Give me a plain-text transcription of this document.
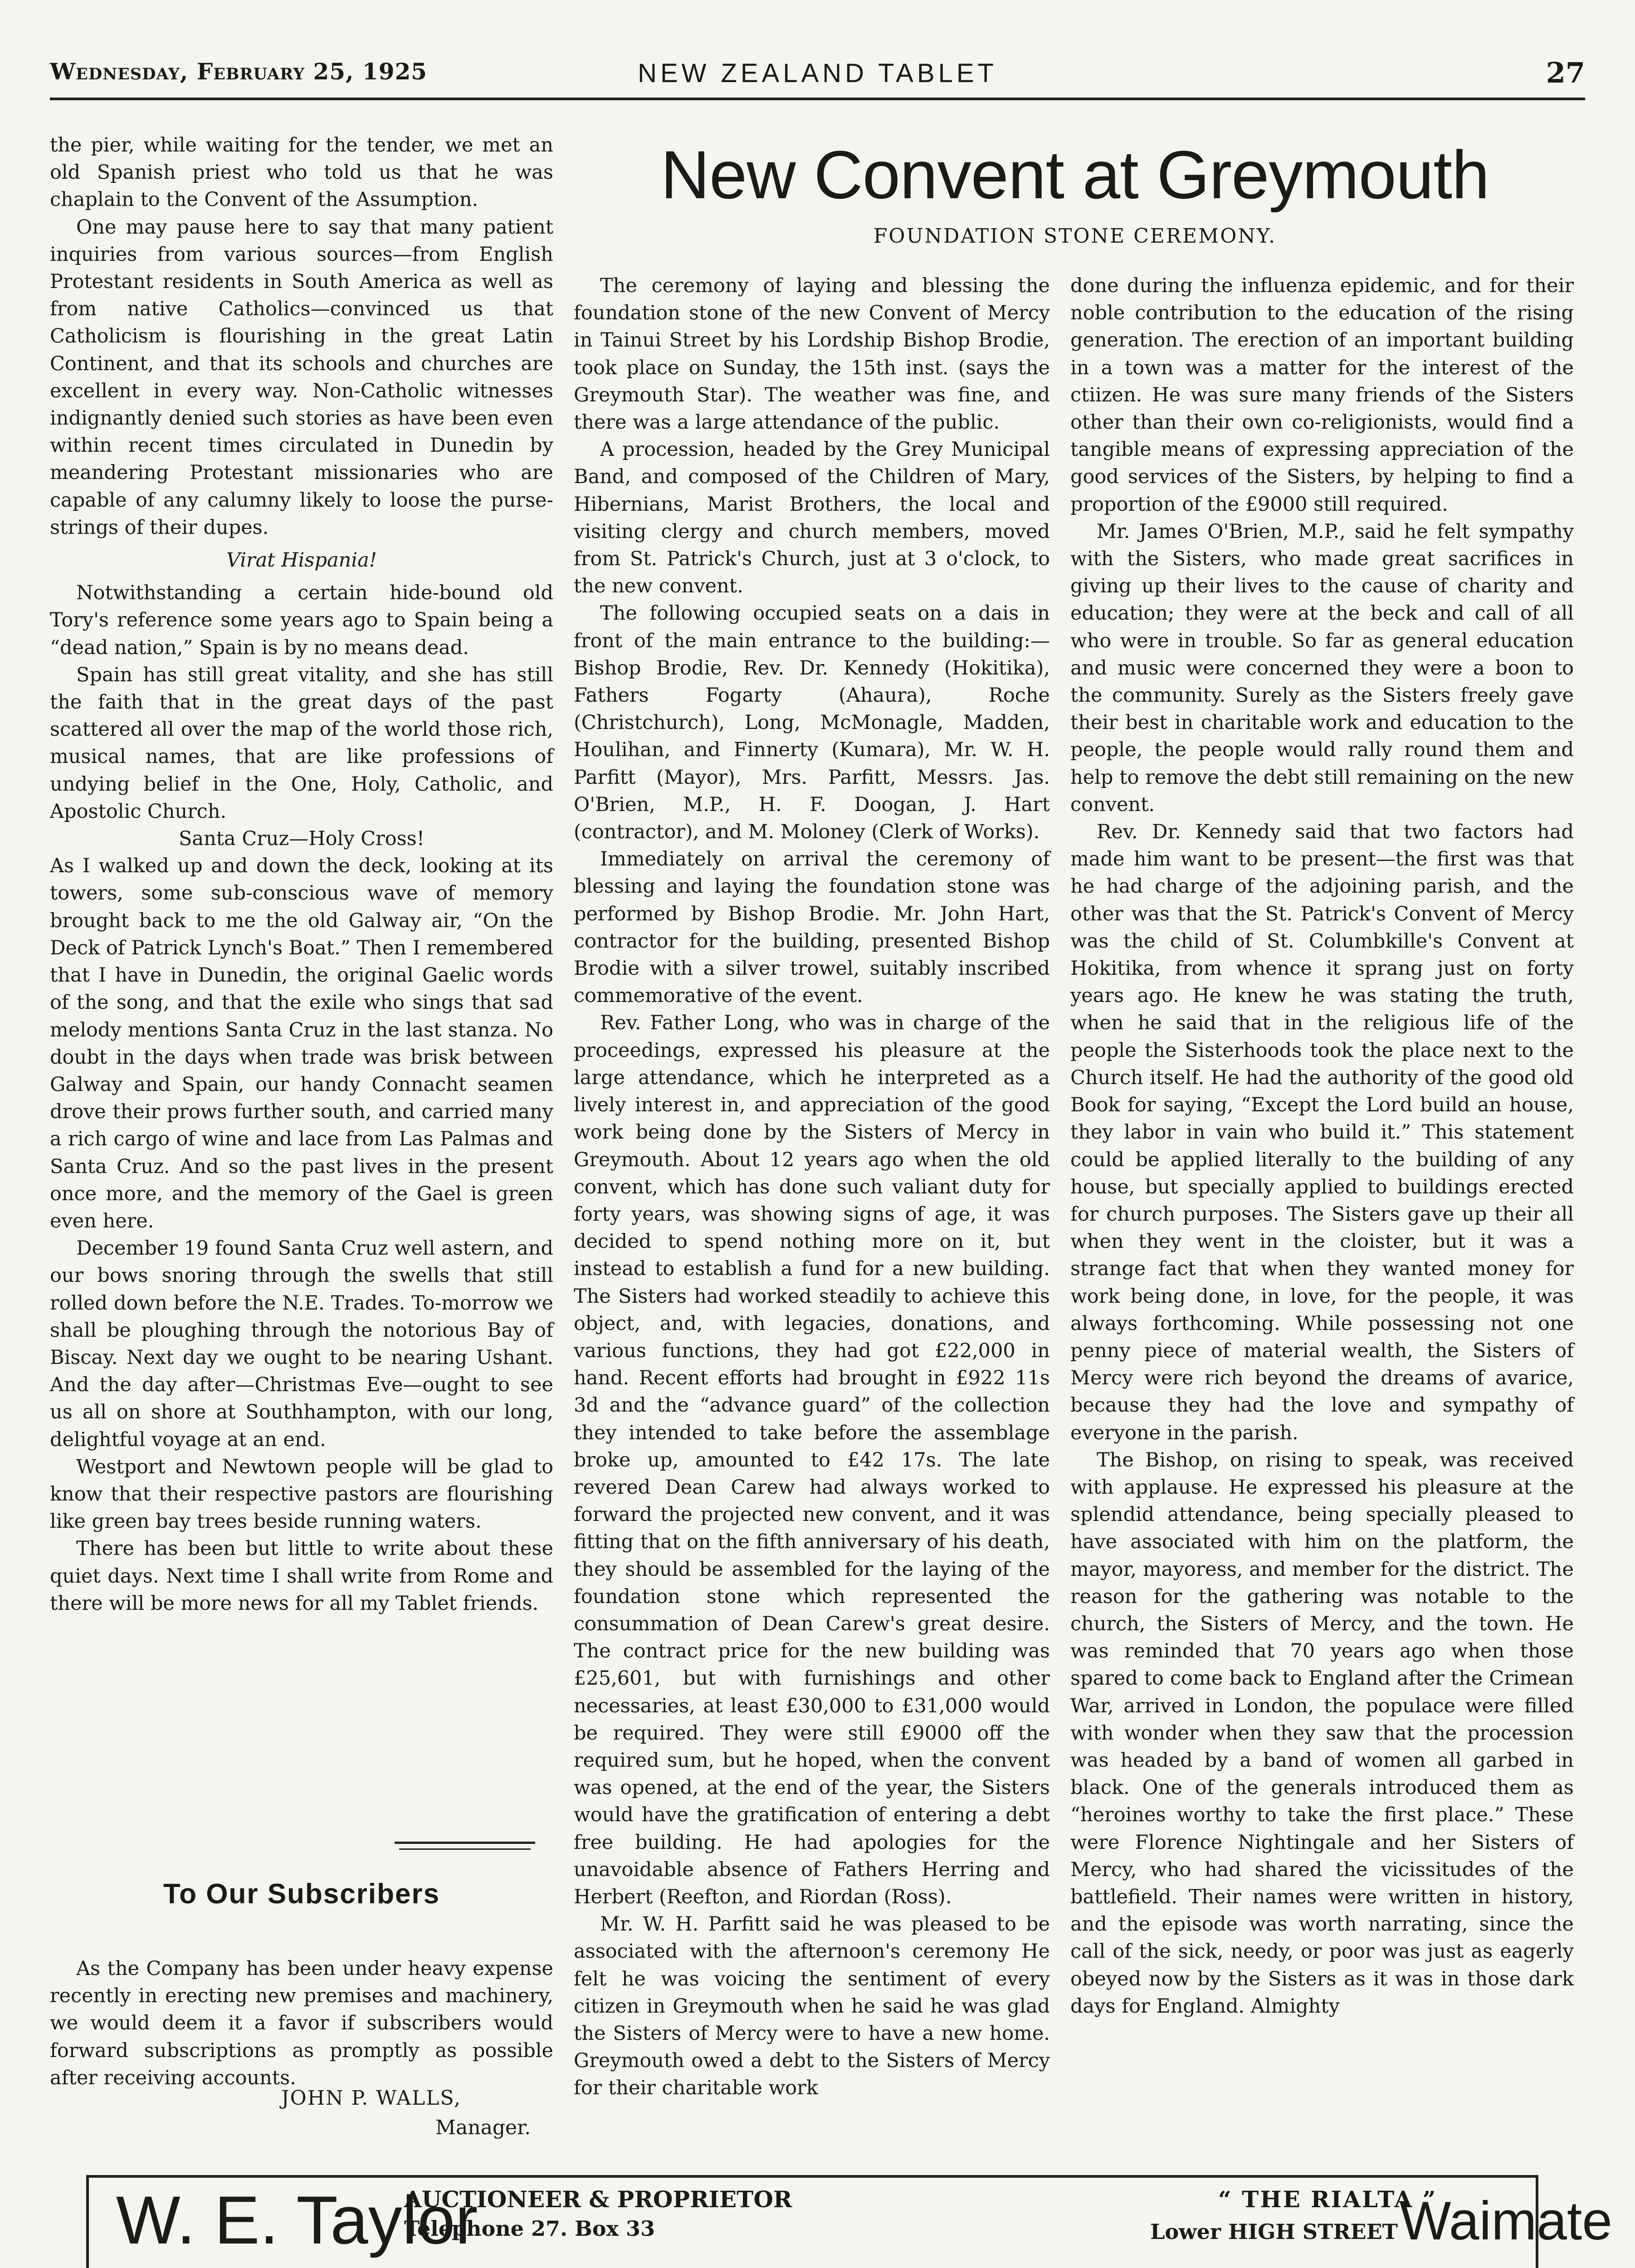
Wednesday, February 25, 1925	NEW ZEALAND TABLET	27

the pier, while waiting for the tender, we met an old Spanish priest who told us that he was chaplain to the Convent of the Assumption.

One may pause here to say that many patient inquiries from various sources—from English Protestant residents in South America as well as from native Catholics—convinced us that Catholicism is flourishing in the great Latin Continent, and that its schools and churches are excellent in every way. Non-Catholic witnesses indignantly denied such stories as have been even within recent times circulated in Dunedin by meandering Protestant missionaries who are capable of any calumny likely to loose the purse-strings of their dupes.

Virat Hispania!

Notwithstanding a certain hide-bound old Tory's reference some years ago to Spain being a “dead nation,” Spain is by no means dead.

Spain has still great vitality, and she has still the faith that in the great days of the past scattered all over the map of the world those rich, musical names, that are like professions of undying belief in the One, Holy, Catholic, and Apostolic Church.

Santa Cruz—Holy Cross!

As I walked up and down the deck, looking at its towers, some sub-conscious wave of memory brought back to me the old Galway air, “On the Deck of Patrick Lynch's Boat.” Then I remembered that I have in Dunedin, the original Gaelic words of the song, and that the exile who sings that sad melody mentions Santa Cruz in the last stanza. No doubt in the days when trade was brisk between Galway and Spain, our handy Connacht seamen drove their prows further south, and carried many a rich cargo of wine and lace from Las Palmas and Santa Cruz. And so the past lives in the present once more, and the memory of the Gael is green even here.

December 19 found Santa Cruz well astern, and our bows snoring through the swells that still rolled down before the N.E. Trades. To-morrow we shall be ploughing through the notorious Bay of Biscay. Next day we ought to be nearing Ushant. And the day after—Christmas Eve—ought to see us all on shore at Southhampton, with our long, delightful voyage at an end.

Westport and Newtown people will be glad to know that their respective pastors are flourishing like green bay trees beside running waters.

There has been but little to write about these quiet days. Next time I shall write from Rome and there will be more news for all my Tablet friends.

To Our Subscribers

As the Company has been under heavy expense recently in erecting new premises and machinery, we would deem it a favor if subscribers would forward subscriptions as promptly as possible after receiving accounts.

JOHN P. WALLS,
Manager.
New Convent at Greymouth
FOUNDATION STONE CEREMONY.

The ceremony of laying and blessing the foundation stone of the new Convent of Mercy in Tainui Street by his Lordship Bishop Brodie, took place on Sunday, the 15th inst. (says the Greymouth Star). The weather was fine, and there was a large attendance of the public.

A procession, headed by the Grey Municipal Band, and composed of the Children of Mary, Hibernians, Marist Brothers, the local and visiting clergy and church members, moved from St. Patrick's Church, just at 3 o'clock, to the new convent.

The following occupied seats on a dais in front of the main entrance to the building:—Bishop Brodie, Rev. Dr. Kennedy (Hokitika), Fathers Fogarty (Ahaura), Roche (Christchurch), Long, McMonagle, Madden, Houlihan, and Finnerty (Kumara), Mr. W. H. Parfitt (Mayor), Mrs. Parfitt, Messrs. Jas. O'Brien, M.P., H. F. Doogan, J. Hart (contractor), and M. Moloney (Clerk of Works).

Immediately on arrival the ceremony of blessing and laying the foundation stone was performed by Bishop Brodie. Mr. John Hart, contractor for the building, presented Bishop Brodie with a silver trowel, suitably inscribed commemorative of the event.

Rev. Father Long, who was in charge of the proceedings, expressed his pleasure at the large attendance, which he interpreted as a lively interest in, and appreciation of the good work being done by the Sisters of Mercy in Greymouth. About 12 years ago when the old convent, which has done such valiant duty for forty years, was showing signs of age, it was decided to spend nothing more on it, but instead to establish a fund for a new building. The Sisters had worked steadily to achieve this object, and, with legacies, donations, and various functions, they had got £22,000 in hand. Recent efforts had brought in £922 11s 3d and the “advance guard” of the collection they intended to take before the assemblage broke up, amounted to £42 17s. The late revered Dean Carew had always worked to forward the projected new convent, and it was fitting that on the fifth anniversary of his death, they should be assembled for the laying of the foundation stone which represented the consummation of Dean Carew's great desire. The contract price for the new building was £25,601, but with furnishings and other necessaries, at least £30,000 to £31,000 would be required. They were still £9000 off the required sum, but he hoped, when the convent was opened, at the end of the year, the Sisters would have the gratification of entering a debt free building. He had apologies for the unavoidable absence of Fathers Herring and Herbert (Reefton, and Riordan (Ross).

Mr. W. H. Parfitt said he was pleased to be associated with the afternoon's ceremony He felt he was voicing the sentiment of every citizen in Greymouth when he said he was glad the Sisters of Mercy were to have a new home. Greymouth owed a debt to the Sisters of Mercy for their charitable work

done during the influenza epidemic, and for their noble contribution to the education of the rising generation. The erection of an important building in a town was a matter for the interest of the ctiizen. He was sure many friends of the Sisters other than their own co-religionists, would find a tangible means of expressing appreciation of the good services of the Sisters, by helping to find a proportion of the £9000 still required.

Mr. James O'Brien, M.P., said he felt sympathy with the Sisters, who made great sacrifices in giving up their lives to the cause of charity and education; they were at the beck and call of all who were in trouble. So far as general education and music were concerned they were a boon to the community. Surely as the Sisters freely gave their best in charitable work and education to the people, the people would rally round them and help to remove the debt still remaining on the new convent.

Rev. Dr. Kennedy said that two factors had made him want to be present—the first was that he had charge of the adjoining parish, and the other was that the St. Patrick's Convent of Mercy was the child of St. Columbkille's Convent at Hokitika, from whence it sprang just on forty years ago. He knew he was stating the truth, when he said that in the religious life of the people the Sisterhoods took the place next to the Church itself. He had the authority of the good old Book for saying, “Except the Lord build an house, they labor in vain who build it.” This statement could be applied literally to the building of any house, but specially applied to buildings erected for church purposes. The Sisters gave up their all when they went in the cloister, but it was a strange fact that when they wanted money for work being done, in love, for the people, it was always forthcoming. While possessing not one penny piece of material wealth, the Sisters of Mercy were rich beyond the dreams of avarice, because they had the love and sympathy of everyone in the parish.

The Bishop, on rising to speak, was received with applause. He expressed his pleasure at the splendid attendance, being specially pleased to have associated with him on the platform, the mayor, mayoress, and member for the district. The reason for the gathering was notable to the church, the Sisters of Mercy, and the town. He was reminded that 70 years ago when those spared to come back to England after the Crimean War, arrived in London, the populace were filled with wonder when they saw that the procession was headed by a band of women all garbed in black. One of the generals introduced them as “heroines worthy to take the first place.” These were Florence Nightingale and her Sisters of Mercy, who had shared the vicissitudes of the battlefield. Their names were written in history, and the episode was worth narrating, since the call of the sick, needy, or poor was just as eagerly obeyed now by the Sisters as it was in those dark days for England. Almighty

W. E. Taylor
AUCTIONEER & PROPRIETOR
Telephone 27. Box 33
“ THE RIALTA ”
Lower HIGH STREET Waimate
